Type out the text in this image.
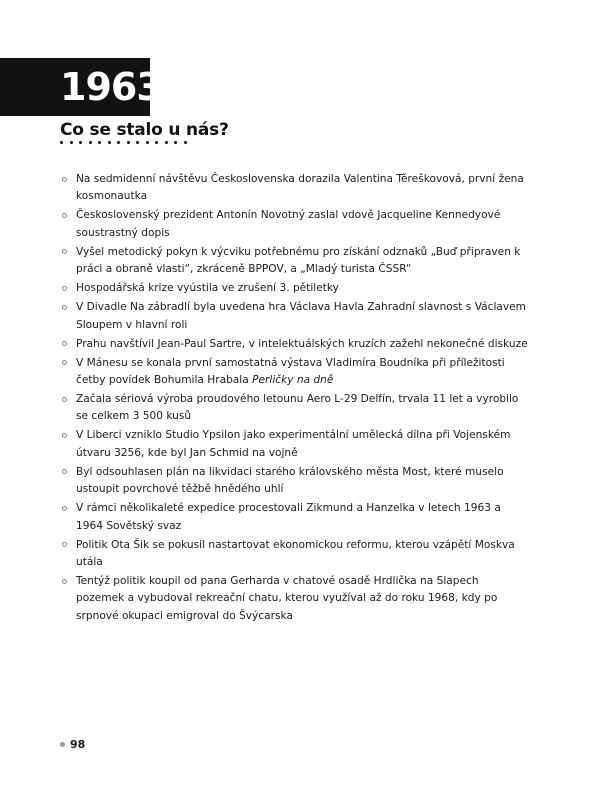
1963
Co se stalo u nás?
Na sedmidenní návštěvu Československa dorazila Valentina Těreškovová, první žena kosmonautka
Československý prezident Antonín Novotný zaslal vdově Jacqueline Kennedyové soustrastný dopis
Vyšel metodický pokyn k výcviku potřebnému pro získání odznaků „Buď připraven k práci a obraně vlasti“, zkráceně BPPOV, a „Mladý turista ČSSR“
Hospodářská krize vyústila ve zrušení 3. pětiletky
V Divadle Na zábradlí byla uvedena hra Václava Havla Zahradní slavnost s Václavem Sloupem v hlavní roli
Prahu navštívil Jean-Paul Sartre, v intelektuálských kruzích zažehl nekonečné diskuze
V Mánesu se konala první samostatná výstava Vladimíra Boudníka při příležitosti četby povídek Bohumila Hrabala Perličky na dně
Začala sériová výroba proudového letounu Aero L-29 Delfín, trvala 11 let a vyrobilo se celkem 3 500 kusů
V Liberci vzniklo Studio Ypsilon jako experimentální umělecká dílna při Vojenském útvaru 3256, kde byl Jan Schmid na vojně
Byl odsouhlasen plán na likvidaci starého královského města Most, které muselo ustoupit povrchové těžbě hnědého uhlí
V rámci několikaleté expedice procestovali Zikmund a Hanzelka v letech 1963 a 1964 Sovětský svaz
Politik Ota Šik se pokusil nastartovat ekonomickou reformu, kterou vzápětí Moskva utála
Tentýž politik koupil od pana Gerharda v chatové osadě Hrdlička na Slapech pozemek a vybudoval rekreační chatu, kterou využíval až do roku 1968, kdy po srpnové okupaci emigroval do Švýcarska
98
